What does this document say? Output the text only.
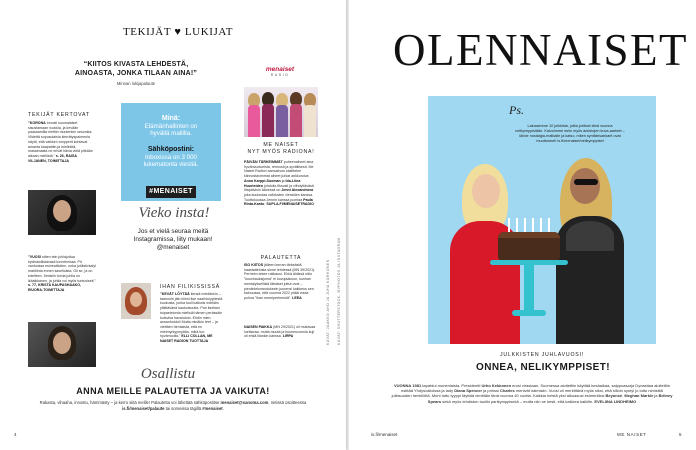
TEKIJÄT ♥ LUKIJAT
“KIITOS KIVASTA LEHDESTÄ, AINOASTA, JONKA TILAAN AINA!”
Minnan lukijapalaute
TEKIJÄT KERTOVAT
”KORONA innosti suomalaiset sisustamaan ruokkia, ja kevään paasaamilla elettiin muutenkin sesonkia. Viidettä sopusoiaisia kierrätyspaimenia näytti, että vaikkei rompperit kohtavat amanta kaapattiin.ja mieliniitä, masalmasta ne erivät hävia vielä pitkään aikaan mieliistä.” s. 26, RAISA VILJANEN, TOIMITTAJA
”VUOSI sitten tein juhlajuttua epäinäollistavasti tunnelmissa. Pit vanhoissa esineaitioiten, unka juhlistivkaiyl mahtiinta ennen savelioista. Oli se, ja on edelleen. Ihmisiin torvia juhlia on ikäaikkanen, ja juhlia voi myös tuntuviseit.” s. 77, KRISTA KAUPASHAAKO, EIUORA-TOIMITTAJA
Minä:
Elämänhallinten on hyvällä mallilla.
Sähköpostini:
Inboxissa on 3 000 lukematonta viestiä.
#MENAISET
Vieko insta!
Jos et vielä seuraa meitä Instagramissa, liity mukaan! @menaiset
IHAN FILIKISSISSÄ
”KEVÄT LÖYTÄÄ itensä meidänkin – taannoin jäin kiinni itse naarhiuiyydestä kuokusta, jonka tuuli kalkuisi edelläin yllättävänä kaukoisuutta. Pari itsellani toipaeletonta mielisiä hämen perässäin kutsvisa havanduin. Ehdin mien ansanhoidot! Mutta minäkin teet – ja viettäen hirmiaista, että en mielmyrkyymyään, mikä tuo hyvämoolia.” ELLI COLLAN, ME NAISET RADION TUOTTAJA
menaiset
RADIO
ME NAISET
NYT MYÖS RADIONA!
PÄIVÄN TÄRKEIMMÄT puheenaiheet aina hyvänvuolueista, rennosti ja syvällisesti. Me Naiset Radion aamushow käsittelee kiinnostavimmat aiheet juhlat ankkuroiva Anna Karppi-Suoman ja Ida-Liina Huurteiden johdolla fiksusti ja viihdyttävästi. Iltapäivisin äänessä on Jenni Alexandrova joka kuulostaa vaihtuvien vieraiden kanssa. Tuuttukuussa Jennin kanssa juontaa Paula Rinta-Kanto. SUPLA.FI/MENAISETRADIO
PALAUTETTA
ISO KIITOS jälleen kerran tärkeästä haastattelusta sinne lehdessä (MN 39/2021). Perheen tekee rakkausi. Ehkä äidissä näin ”kouvirauksijoma” ei kovojaakoon, kunhan mentaiyksellisiä tätsäset juttut ovat – pieniinlekoneutuksein juurensi kaikkeus sen kainuussa, että vuonna 2022 pitää voida puhua ”ihan normiperheestä”. LEEA
NAISEN PAIKKA (MN 29/2021) oli mukavaa luettavaa, mutta muuta ja kuuneuvonnia kuji oli ehkä liiankin kanssa. LIRPA	KUVAT: JAAKKO AHO JA JUHA KORHONEN
Osallistu
ANNA MEILLE PALAUTETTA JA VAIKUTA!
Rakasta, vihaaha, innostu, hämmästy – ja kerro siitä meille! Palautetta voi lähettää sähköpostitse menaiset@sanoma.com, netissä osoitteessa is.fi/menaiset/palaute tai someissa tägillä #menaiset.
4	is.fi/menaiset
OLENNAISET
KUVAT: SHUTTERSTOCK, MVPHOTOS JA INSTAGRAM
Ps.
Lainasimme 10 julkkista, joilta juhlivat tänä vuonna nelikymppisiään. Kaivoimme esiin myös arkistojen kuva-aarteet – lähde nostalgia-matkalle ja katso, miten synttärisankarit ovat muuttuneet! is.fi/menaiset/nelikymppiset
JULKKISTEN JUHLAVUOSI!
ONNEA, NELIKYMPPISET!
VUONNA 1981 tapahtui monenlaista. Presidentti Urho Kekkonen erosi virastaan, Suomessa aloitettiin käyttää kesäaikaa, saippuasarja Dynastiaa aloitettiin esittää Yhdysvalloissa ja lady Diana Spencer ja prinssi Charles menivät naimisiin. Vuosi oli merkittävä myös siksi, että silloin syntyi jo tuttu nimisiltä julkisuuden henkilöitä. Moni tuttu tyyppi täyttää nimittäin tänä vuonna 40 vuotta. Kaikkia heistä yksi alkuasusi esimerkiksi Beyoncé, Meghan Markle ja Britney Spears sekä myös lehdiston tuuliki parikymppisekä – mutta niin se kesti- että kaikkea kaikille. EVELIINA LINDHEIMO
ME NAISET	5
